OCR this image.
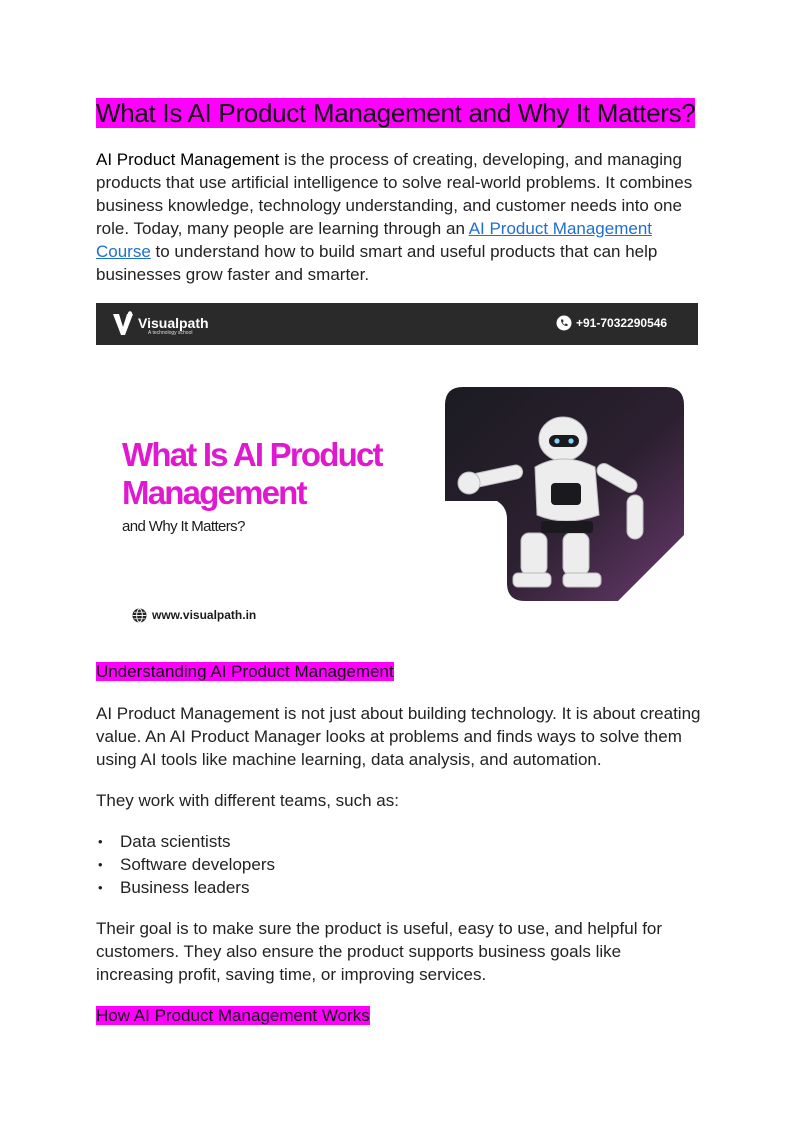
What Is AI Product Management and Why It Matters?

AI Product Management is the process of creating, developing, and managing products that use artificial intelligence to solve real-world problems. It combines business knowledge, technology understanding, and customer needs into one role. Today, many people are learning through an AI Product Management Course to understand how to build smart and useful products that can help businesses grow faster and smarter.

Visualpath
A technology school
+91-7032290546
What Is AI Product
Management
and Why It Matters?
www.visualpath.in
Understanding AI Product Management

AI Product Management is not just about building technology. It is about creating value. An AI Product Manager looks at problems and finds ways to solve them using AI tools like machine learning, data analysis, and automation.

They work with different teams, such as:

• Data scientists
• Software developers
• Business leaders

Their goal is to make sure the product is useful, easy to use, and helpful for customers. They also ensure the product supports business goals like increasing profit, saving time, or improving services.

How AI Product Management Works
